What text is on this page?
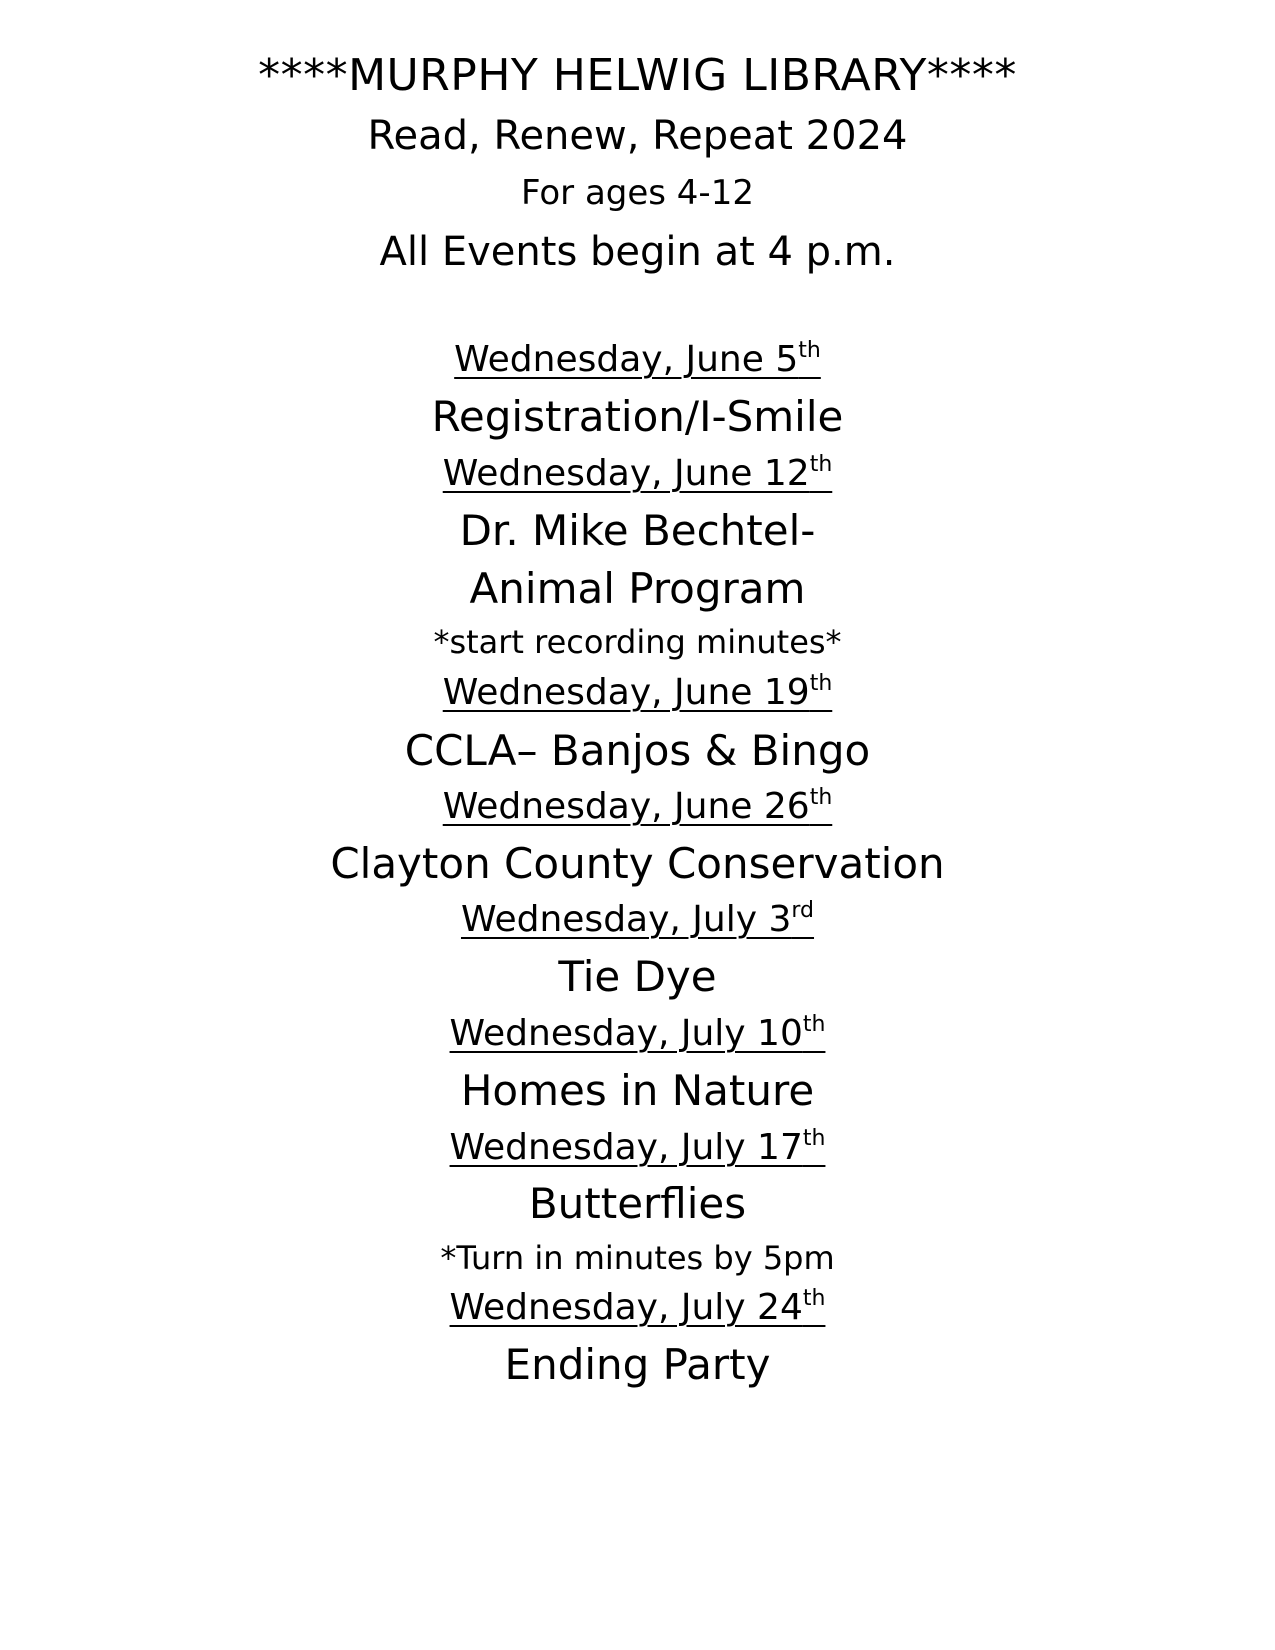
****MURPHY HELWIG LIBRARY****
Read, Renew, Repeat 2024
For ages 4-12
All Events begin at 4 p.m.
Wednesday, June 5th
Registration/I-Smile
Wednesday, June 12th
Dr. Mike Bechtel-
Animal Program
*start recording minutes*
Wednesday, June 19th
CCLA– Banjos & Bingo
Wednesday, June 26th
Clayton County Conservation
Wednesday, July 3rd
Tie Dye
Wednesday, July 10th
Homes in Nature
Wednesday, July 17th
Butterflies
*Turn in minutes by 5pm
Wednesday, July 24th
Ending Party
